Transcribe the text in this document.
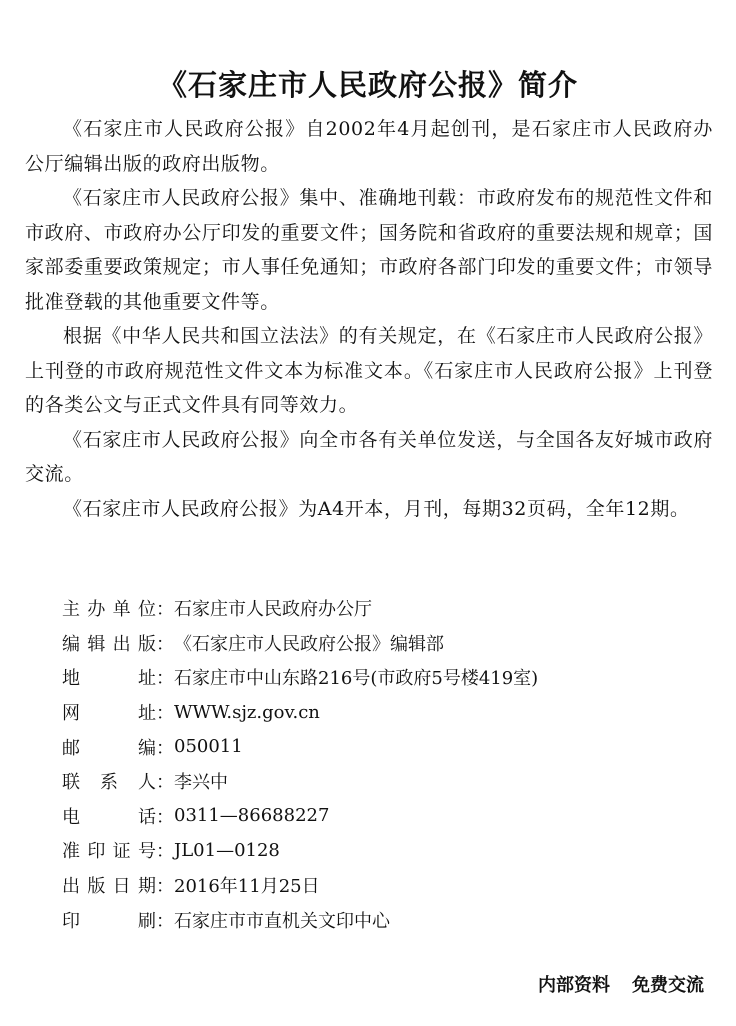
《石家庄市人民政府公报》简介

《石家庄市人民政府公报》自2002年4月起创刊，是石家庄市人民政府办公厅编辑出版的政府出版物。

《石家庄市人民政府公报》集中、准确地刊载：市政府发布的规范性文件和市政府、市政府办公厅印发的重要文件；国务院和省政府的重要法规和规章；国家部委重要政策规定；市人事任免通知；市政府各部门印发的重要文件；市领导批准登载的其他重要文件等。

根据《中华人民共和国立法法》的有关规定，在《石家庄市人民政府公报》上刊登的市政府规范性文件文本为标准文本。《石家庄市人民政府公报》上刊登的各类公文与正式文件具有同等效力。

《石家庄市人民政府公报》向全市各有关单位发送，与全国各友好城市政府交流。

《石家庄市人民政府公报》为A4开本，月刊，每期32页码，全年12期。

主 办 单 位 ： 石家庄市人民政府办公厅
编 辑 出 版 ： 《石家庄市人民政府公报》编辑部
地	址 ： 石家庄市中山东路216号(市政府5号楼419室)
网	址 ： WWW.sjz.gov.cn
邮	编 ： 050011
联 系 人 ： 李兴中
电	话 ： 0311—86688227
准 印 证 号 ： JL01—0128
出 版 日 期 ： 2016年11月25日
印	刷 ： 石家庄市市直机关文印中心
内部资料 免费交流
